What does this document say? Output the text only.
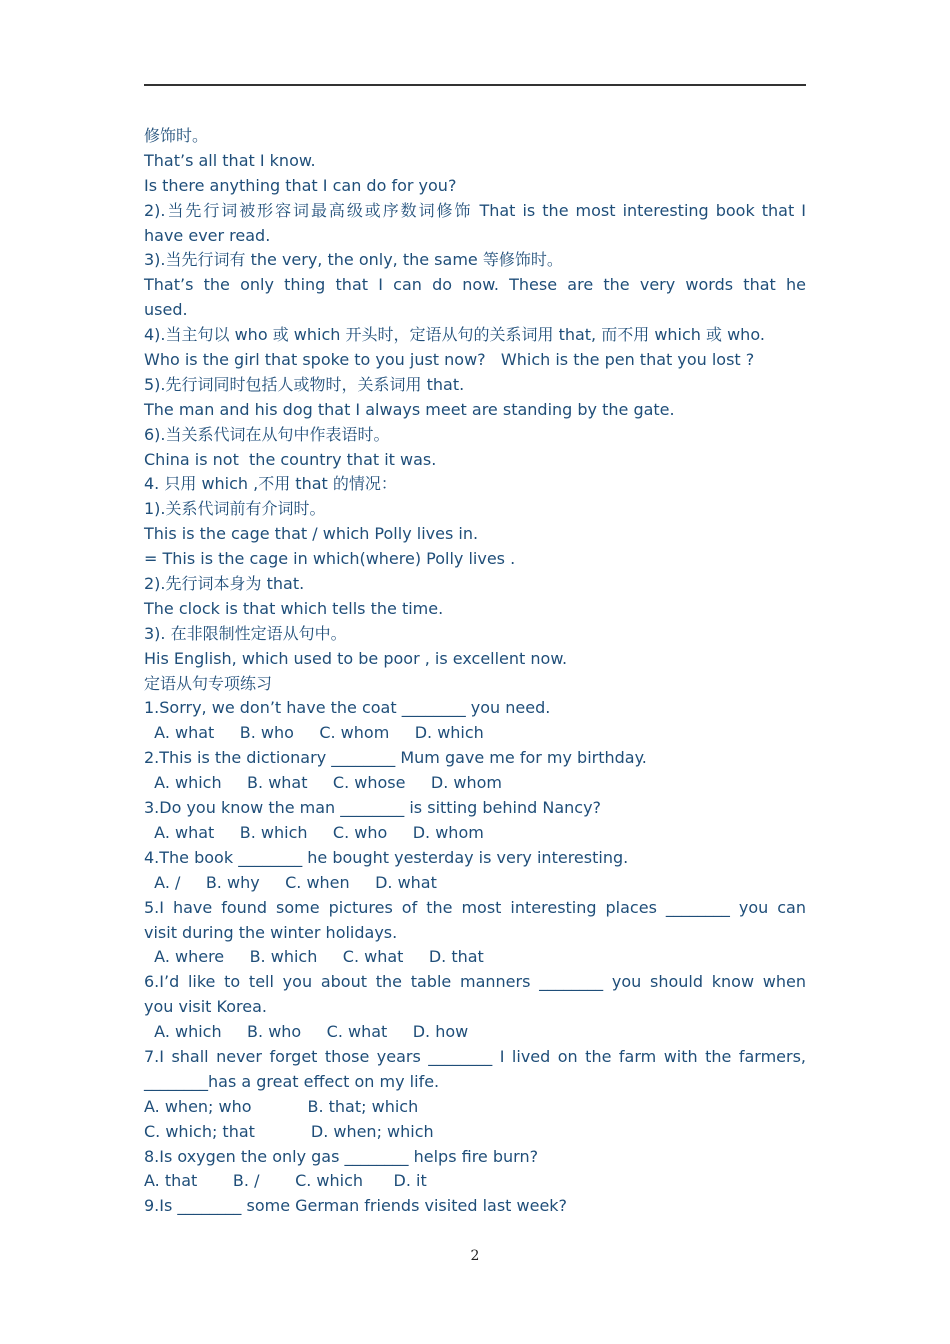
修饰时。
That’s all that I know.
Is there anything that I can do for you?
2).当先行词被形容词最高级或序数词修饰 That is the most interesting book that I
have ever read.
3).当先行词有 the very, the only, the same 等修饰时。
That’s the only thing that I can do now. These are the very words that he
used.
4).当主句以 who 或 which 开头时，定语从句的关系词用 that, 而不用 which 或 who.
Who is the girl that spoke to you just now?   Which is the pen that you lost ?
5).先行词同时包括人或物时，关系词用 that.
The man and his dog that I always meet are standing by the gate.
6).当关系代词在从句中作表语时。
China is not  the country that it was.
4. 只用 which ,不用 that 的情况：
1).关系代词前有介词时。
This is the cage that / which Polly lives in.
= This is the cage in which(where) Polly lives .
2).先行词本身为 that.
The clock is that which tells the time.
3). 在非限制性定语从句中。
His English, which used to be poor , is excellent now.
定语从句专项练习
1.Sorry, we don’t have the coat ________ you need.
A. what     B. who     C. whom     D. which
2.This is the dictionary ________ Mum gave me for my birthday.
A. which     B. what     C. whose     D. whom
3.Do you know the man ________ is sitting behind Nancy?
A. what     B. which     C. who     D. whom
4.The book ________ he bought yesterday is very interesting.
A. /     B. why     C. when     D. what
5.I have found some pictures of the most interesting places ________ you can
visit during the winter holidays.
A. where     B. which     C. what     D. that
6.I’d like to tell you about the table manners ________ you should know when
you visit Korea.
A. which     B. who     C. what     D. how
7.I shall never forget those years ________ I lived on the farm with the farmers,
________has a great effect on my life.
A. when; who           B. that; which
C. which; that           D. when; which
8.Is oxygen the only gas ________ helps fire burn?
A. that       B. /       C. which      D. it
9.Is ________ some German friends visited last week?
2
